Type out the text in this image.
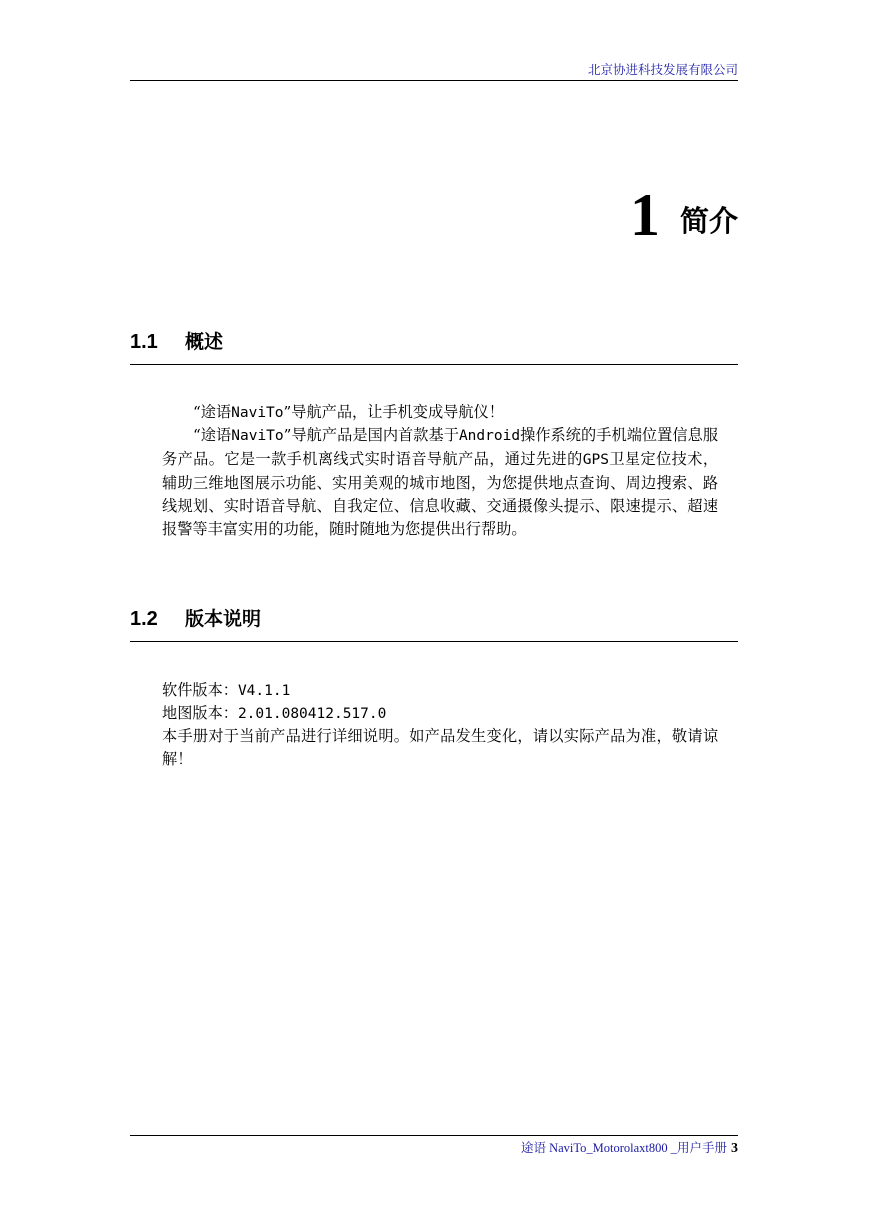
北京协进科技发展有限公司
1 简介
1.1 概述

“途语NaviTo”导航产品，让手机变成导航仪！

“途语NaviTo”导航产品是国内首款基于Android操作系统的手机端位置信息服务产品。它是一款手机离线式实时语音导航产品，通过先进的GPS卫星定位技术，辅助三维地图展示功能、实用美观的城市地图，为您提供地点查询、周边搜索、路线规划、实时语音导航、自我定位、信息收藏、交通摄像头提示、限速提示、超速报警等丰富实用的功能，随时随地为您提供出行帮助。

1.2 版本说明

软件版本：V4.1.1

地图版本：2.01.080412.517.0

本手册对于当前产品进行详细说明。如产品发生变化，请以实际产品为准，敬请谅解！

途语 NaviTo_Motorolaxt800 _用户手册 3
